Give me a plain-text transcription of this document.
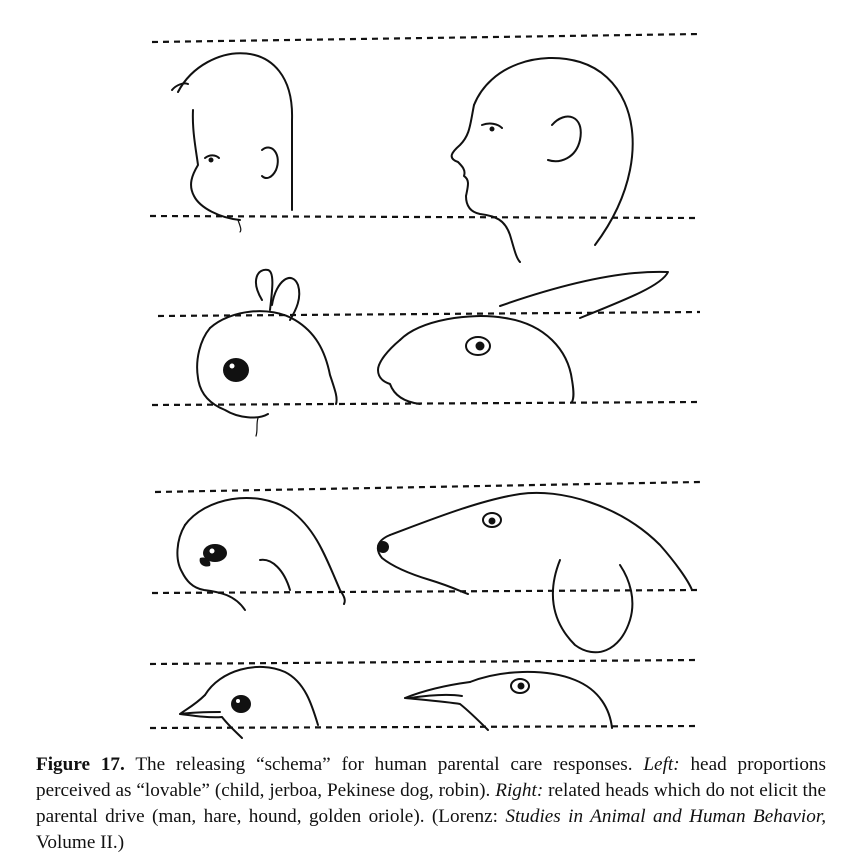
Figure 17. The releasing “schema” for human parental care responses. Left: head proportions perceived as “lovable” (child, jerboa, Pekinese dog, robin). Right: related heads which do not elicit the parental drive (man, hare, hound, golden oriole). (Lorenz: Studies in Animal and Human Behavior, Volume II.)
